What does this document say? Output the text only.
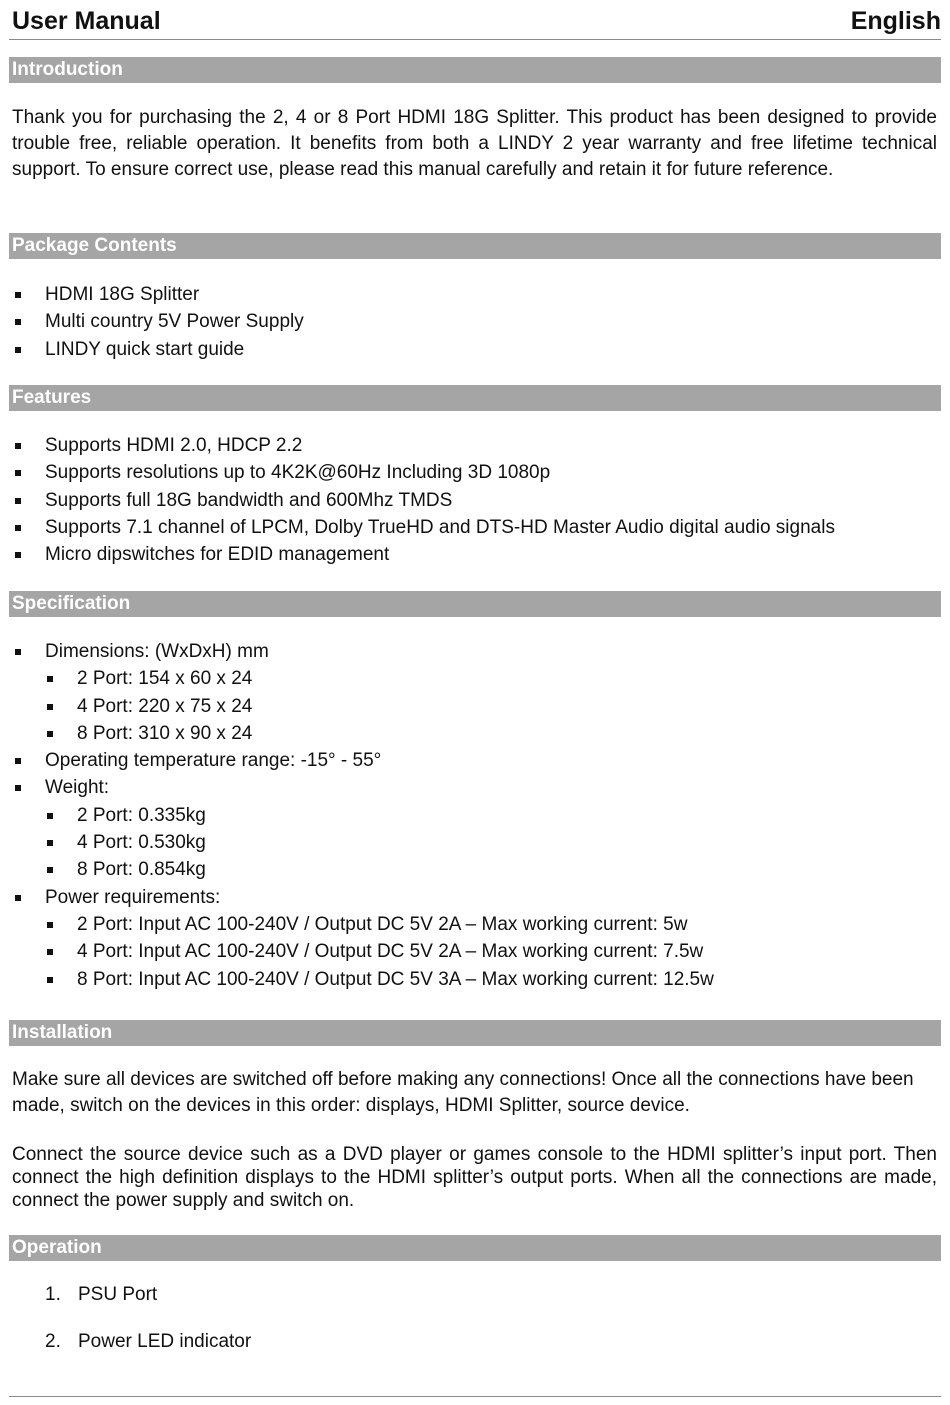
User Manual	English
Introduction

Thank you for purchasing the 2, 4 or 8 Port HDMI 18G Splitter. This product has been designed to provide trouble free, reliable operation. It benefits from both a LINDY 2 year warranty and free lifetime technical support. To ensure correct use, please read this manual carefully and retain it for future reference.

Package Contents
HDMI 18G Splitter
Multi country 5V Power Supply
LINDY quick start guide
Features
Supports HDMI 2.0, HDCP 2.2
Supports resolutions up to 4K2K@60Hz Including 3D 1080p
Supports full 18G bandwidth and 600Mhz TMDS
Supports 7.1 channel of LPCM, Dolby TrueHD and DTS-HD Master Audio digital audio signals
Micro dipswitches for EDID management
Specification
Dimensions: (WxDxH) mm
2 Port: 154 x 60 x 24
4 Port: 220 x 75 x 24
8 Port: 310 x 90 x 24
Operating temperature range: -15° - 55°
Weight:
2 Port: 0.335kg
4 Port: 0.530kg
8 Port: 0.854kg
Power requirements:
2 Port: Input AC 100-240V / Output DC 5V 2A – Max working current: 5w
4 Port: Input AC 100-240V / Output DC 5V 2A – Max working current: 7.5w
8 Port: Input AC 100-240V / Output DC 5V 3A – Max working current: 12.5w
Installation

Make sure all devices are switched off before making any connections! Once all the connections have been made, switch on the devices in this order: displays, HDMI Splitter, source device.

Connect the source device such as a DVD player or games console to the HDMI splitter’s input port. Then connect the high definition displays to the HDMI splitter’s output ports. When all the connections are made, connect the power supply and switch on.

Operation
1. PSU Port
2. Power LED indicator
